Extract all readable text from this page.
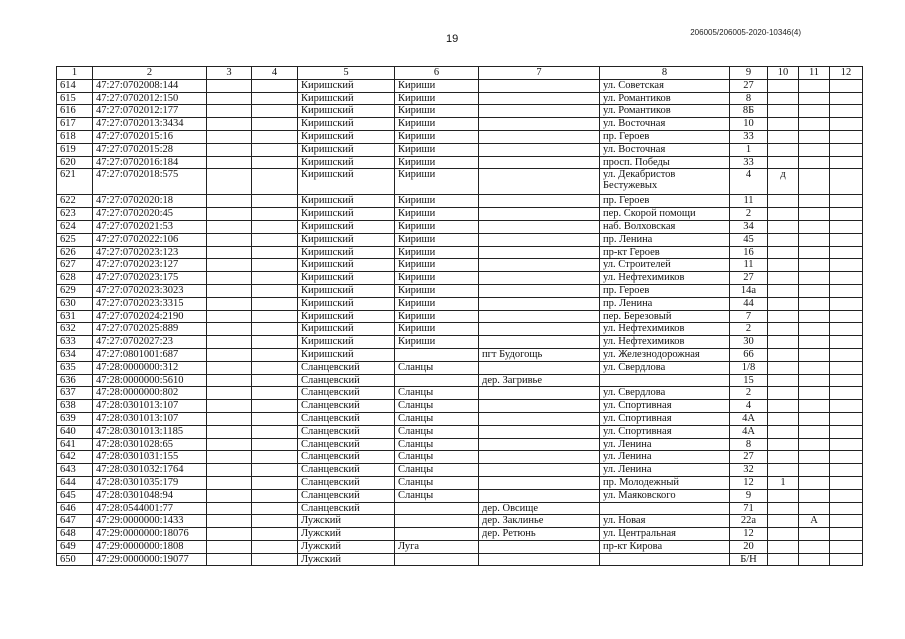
206005/206005-2020-10346(4)
19
1	2	3	4	5	6	7	8	9	10	11	12
614	47:27:0702008:144			Киришский	Кириши		ул. Советская	27			
615	47:27:0702012:150			Киришский	Кириши		ул. Романтиков	8			
616	47:27:0702012:177			Киришский	Кириши		ул. Романтиков	8Б			
617	47:27:0702013:3434			Киришский	Кириши		ул. Восточная	10			
618	47:27:0702015:16			Киришский	Кириши		пр. Героев	33			
619	47:27:0702015:28			Киришский	Кириши		ул. Восточная	1			
620	47:27:0702016:184			Киришский	Кириши		просп. Победы	33			
621	47:27:0702018:575			Киришский	Кириши		ул. Декабристов Бестужевых	4	д		
622	47:27:0702020:18			Киришский	Кириши		пр. Героев	11			
623	47:27:0702020:45			Киришский	Кириши		пер. Скорой помощи	2			
624	47:27:0702021:53			Киришский	Кириши		наб. Волховская	34			
625	47:27:0702022:106			Киришский	Кириши		пр. Ленина	45			
626	47:27:0702023:123			Киришский	Кириши		пр-кт Героев	16			
627	47:27:0702023:127			Киришский	Кириши		ул. Строителей	11			
628	47:27:0702023:175			Киришский	Кириши		ул. Нефтехимиков	27			
629	47:27:0702023:3023			Киришский	Кириши		пр. Героев	14а			
630	47:27:0702023:3315			Киришский	Кириши		пр. Ленина	44			
631	47:27:0702024:2190			Киришский	Кириши		пер. Березовый	7			
632	47:27:0702025:889			Киришский	Кириши		ул. Нефтехимиков	2			
633	47:27:0702027:23			Киришский	Кириши		ул. Нефтехимиков	30			
634	47:27:0801001:687			Киришский		пгт Будогощь	ул. Железнодорожная	66			
635	47:28:0000000:312			Сланцевский	Сланцы		ул. Свердлова	1/8			
636	47:28:0000000:5610			Сланцевский		дер. Загривье		15			
637	47:28:0000000:802			Сланцевский	Сланцы		ул. Свердлова	2			
638	47:28:0301013:107			Сланцевский	Сланцы		ул. Спортивная	4			
639	47:28:0301013:107			Сланцевский	Сланцы		ул. Спортивная	4А			
640	47:28:0301013:1185			Сланцевский	Сланцы		ул. Спортивная	4А			
641	47:28:0301028:65			Сланцевский	Сланцы		ул. Ленина	8			
642	47:28:0301031:155			Сланцевский	Сланцы		ул. Ленина	27			
643	47:28:0301032:1764			Сланцевский	Сланцы		ул. Ленина	32			
644	47:28:0301035:179			Сланцевский	Сланцы		пр. Молодежный	12	1		
645	47:28:0301048:94			Сланцевский	Сланцы		ул. Маяковского	9			
646	47:28:0544001:77			Сланцевский		дер. Овсище		71			
647	47:29:0000000:1433			Лужский		дер. Заклинье	ул. Новая	22а		А	
648	47:29:0000000:18076			Лужский		дер. Ретюнь	ул. Центральная	12			
649	47:29:0000000:1808			Лужский	Луга		пр-кт Кирова	20			
650	47:29:0000000:19077			Лужский				Б/Н			
